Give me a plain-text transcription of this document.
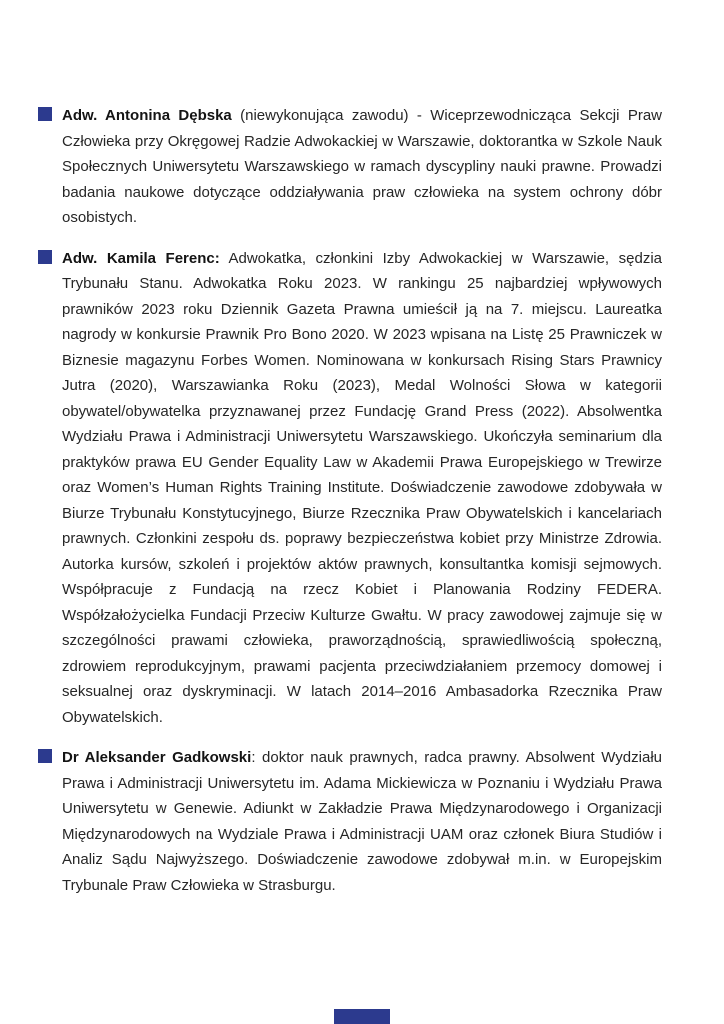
Adw. Antonina Dębska (niewykonująca zawodu) - Wiceprzewodnicząca Sekcji Praw Człowieka przy Okręgowej Radzie Adwokackiej w Warszawie, doktorantka w Szkole Nauk Społecznych Uniwersytetu Warszawskiego w ramach dyscypliny nauki prawne. Prowadzi badania naukowe dotyczące oddziaływania praw człowieka na system ochrony dóbr osobistych.

Adw. Kamila Ferenc: Adwokatka, członkini Izby Adwokackiej w Warszawie, sędzia Trybunału Stanu. Adwokatka Roku 2023. W rankingu 25 najbardziej wpływowych prawników 2023 roku Dziennik Gazeta Prawna umieścił ją na 7. miejscu. Laureatka nagrody w konkursie Prawnik Pro Bono 2020. W 2023 wpisana na Listę 25 Prawniczek w Biznesie magazynu Forbes Women. Nominowana w konkursach Rising Stars Prawnicy Jutra (2020), Warszawianka Roku (2023), Medal Wolności Słowa w kategorii obywatel/obywatelka przyznawanej przez Fundację Grand Press (2022). Absolwentka Wydziału Prawa i Administracji Uniwersytetu Warszawskiego. Ukończyła seminarium dla praktyków prawa EU Gender Equality Law w Akademii Prawa Europejskiego w Trewirze oraz Women’s Human Rights Training Institute. Doświadczenie zawodowe zdobywała w Biurze Trybunału Konstytucyjnego, Biurze Rzecznika Praw Obywatelskich i kancelariach prawnych. Członkini zespołu ds. poprawy bezpieczeństwa kobiet przy Ministrze Zdrowia. Autorka kursów, szkoleń i projektów aktów prawnych, konsultantka komisji sejmowych. Współpracuje z Fundacją na rzecz Kobiet i Planowania Rodziny FEDERA. Współzałożycielka Fundacji Przeciw Kulturze Gwałtu. W pracy zawodowej zajmuje się w szczególności prawami człowieka, praworządnością, sprawiedliwością społeczną, zdrowiem reprodukcyjnym, prawami pacjenta przeciwdziałaniem przemocy domowej i seksualnej oraz dyskryminacji. W latach 2014–2016 Ambasadorka Rzecznika Praw Obywatelskich.

Dr Aleksander Gadkowski: doktor nauk prawnych, radca prawny. Absolwent Wydziału Prawa i Administracji Uniwersytetu im. Adama Mickiewicza w Poznaniu i Wydziału Prawa Uniwersytetu w Genewie. Adiunkt w Zakładzie Prawa Międzynarodowego i Organizacji Międzynarodowych na Wydziale Prawa i Administracji UAM oraz członek Biura Studiów i Analiz Sądu Najwyższego. Doświadczenie zawodowe zdobywał m.in. w Europejskim Trybunale Praw Człowieka w Strasburgu.
